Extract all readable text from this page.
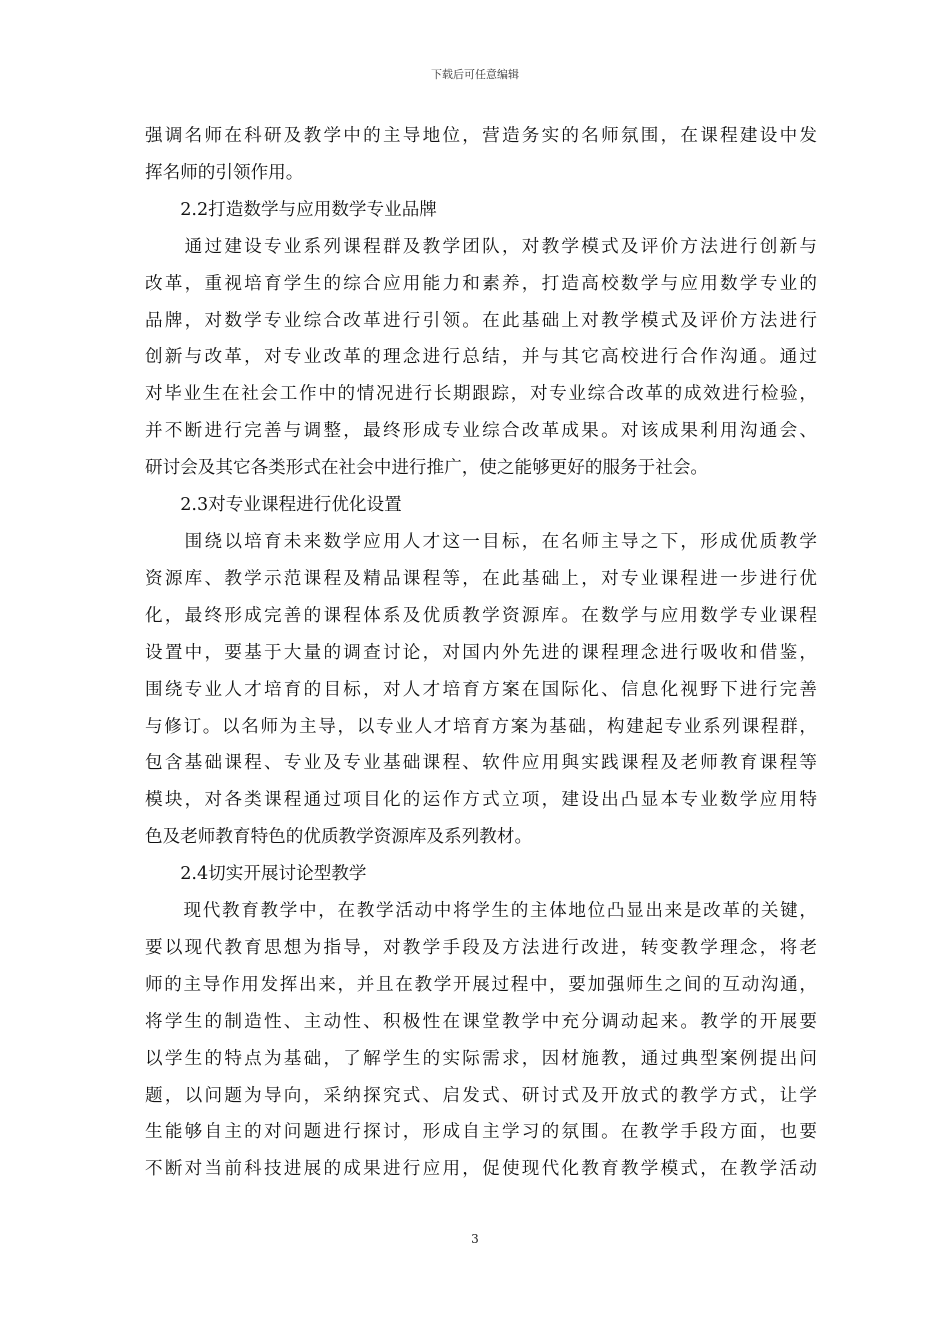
下载后可任意编辑
强调名师在科研及教学中的主导地位，营造务实的名师氛围，在课程建设中发
挥名师的引领作用。
2.2打造数学与应用数学专业品牌
　　通过建设专业系列课程群及教学团队，对教学模式及评价方法进行创新与
改革，重视培育学生的综合应用能力和素养，打造高校数学与应用数学专业的
品牌，对数学专业综合改革进行引领。在此基础上对教学模式及评价方法进行
创新与改革，对专业改革的理念进行总结，并与其它高校进行合作沟通。通过
对毕业生在社会工作中的情况进行长期跟踪，对专业综合改革的成效进行检验，
并不断进行完善与调整，最终形成专业综合改革成果。对该成果利用沟通会、
研讨会及其它各类形式在社会中进行推广，使之能够更好的服务于社会。
2.3对专业课程进行优化设置
　　围绕以培育未来数学应用人才这一目标，在名师主导之下，形成优质教学
资源库、教学示范课程及精品课程等，在此基础上，对专业课程进一步进行优
化，最终形成完善的课程体系及优质教学资源库。在数学与应用数学专业课程
设置中，要基于大量的调查讨论，对国内外先进的课程理念进行吸收和借鉴，
围绕专业人才培育的目标，对人才培育方案在国际化、信息化视野下进行完善
与修订。以名师为主导，以专业人才培育方案为基础，构建起专业系列课程群，
包含基础课程、专业及专业基础课程、软件应用與实践课程及老师教育课程等
模块，对各类课程通过项目化的运作方式立项，建设出凸显本专业数学应用特
色及老师教育特色的优质教学资源库及系列教材。
2.4切实开展讨论型教学
　　现代教育教学中，在教学活动中将学生的主体地位凸显出来是改革的关键，
要以现代教育思想为指导，对教学手段及方法进行改进，转变教学理念，将老
师的主导作用发挥出来，并且在教学开展过程中，要加强师生之间的互动沟通，
将学生的制造性、主动性、积极性在课堂教学中充分调动起来。教学的开展要
以学生的特点为基础，了解学生的实际需求，因材施教，通过典型案例提出问
题，以问题为导向，采纳探究式、启发式、研讨式及开放式的教学方式，让学
生能够自主的对问题进行探讨，形成自主学习的氛围。在教学手段方面，也要
不断对当前科技进展的成果进行应用，促使现代化教育教学模式，在教学活动
3
